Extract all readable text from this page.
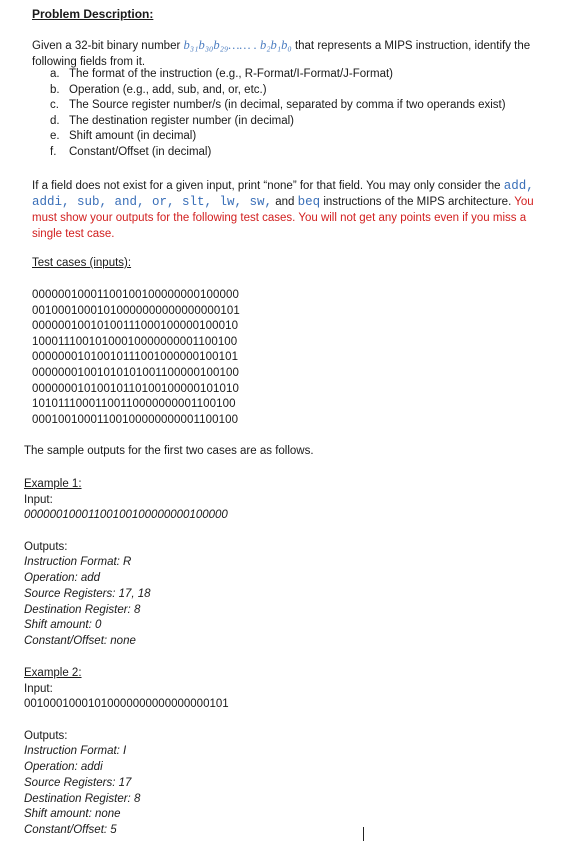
Problem Description:
Given a 32-bit binary number b₃₁b₃₀b₂₉…… . b₂b₁b₀ that represents a MIPS instruction, identify the following fields from it.
a. The format of the instruction (e.g., R-Format/I-Format/J-Format)
b. Operation (e.g., add, sub, and, or, etc.)
c. The Source register number/s (in decimal, separated by comma if two operands exist)
d. The destination register number (in decimal)
e. Shift amount (in decimal)
f. Constant/Offset (in decimal)
If a field does not exist for a given input, print “none” for that field. You may only consider the add, addi, sub, and, or, slt, lw, sw, and beq instructions of the MIPS architecture. You must show your outputs for the following test cases. You will not get any points even if you miss a single test case.
Test cases (inputs):
00000010001100100100000000100000
00100010001010000000000000000101
00000010010100111000100000100010
10001110010100010000000001100100
00000001010010111001000000100101
00000001001010101001100000100100
00000001010010110100100000101010
10101110001100110000000001100100
00010010001100100000000001100100
The sample outputs for the first two cases are as follows.
Example 1:
Input:
00000010001100100100000000100000
Outputs:
Instruction Format: R
Operation: add
Source Registers: 17, 18
Destination Register: 8
Shift amount: 0
Constant/Offset: none
Example 2:
Input:
00100010001010000000000000000101
Outputs:
Instruction Format: I
Operation: addi
Source Registers: 17
Destination Register: 8
Shift amount: none
Constant/Offset: 5
